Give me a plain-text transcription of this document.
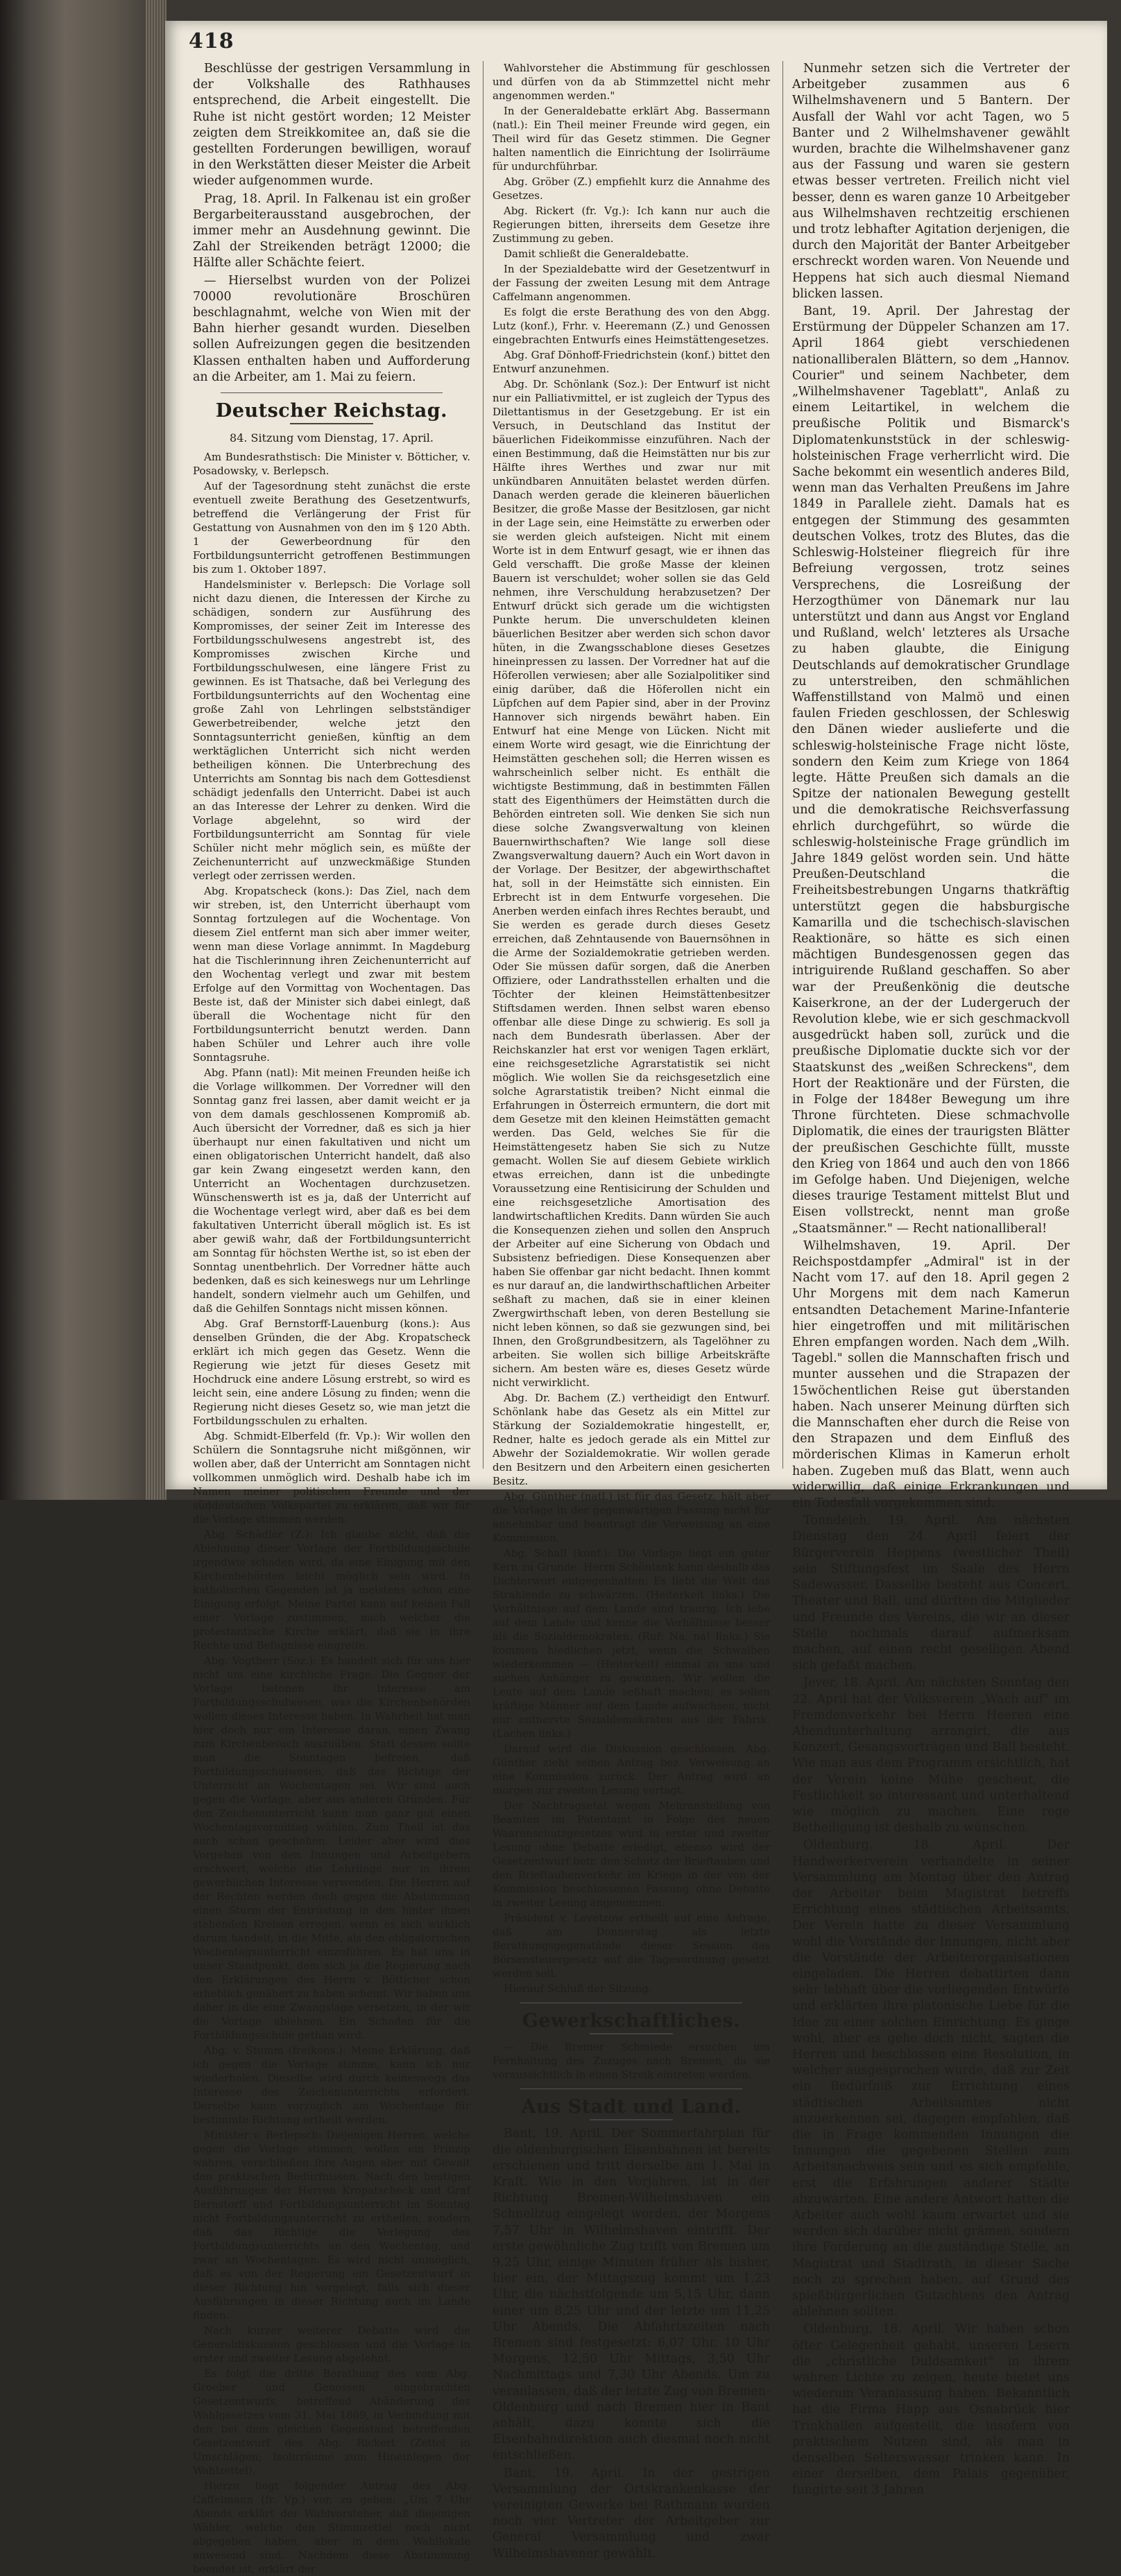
418

Beschlüsse der gestrigen Versammlung in der Volkshalle des Rathhauses entsprechend, die Arbeit eingestellt. Die Ruhe ist nicht gestört worden; 12 Meister zeigten dem Streikkomitee an, daß sie die gestellten Forderungen bewilligen, worauf in den Werkstätten dieser Meister die Arbeit wieder aufgenommen wurde.

Prag, 18. April. In Falkenau ist ein großer Bergarbeiterausstand ausgebrochen, der immer mehr an Ausdehnung gewinnt. Die Zahl der Streikenden beträgt 12000; die Hälfte aller Schächte feiert.

— Hierselbst wurden von der Polizei 70000 revolutionäre Broschüren beschlagnahmt, welche von Wien mit der Bahn hierher gesandt wurden. Dieselben sollen Aufreizungen gegen die besitzenden Klassen enthalten haben und Aufforderung an die Arbeiter, am 1. Mai zu feiern.

Deutscher Reichstag.
84. Sitzung vom Dienstag, 17. April.

Am Bundesrathstisch: Die Minister v. Bötticher, v. Posadowsky, v. Berlepsch.

Auf der Tagesordnung steht zunächst die erste eventuell zweite Berathung des Gesetzentwurfs, betreffend die Verlängerung der Frist für Gestattung von Ausnahmen von den im § 120 Abth. 1 der Gewerbeordnung für den Fortbildungsunterricht getroffenen Bestimmungen bis zum 1. Oktober 1897.

Handelsminister v. Berlepsch: Die Vorlage soll nicht dazu dienen, die Interessen der Kirche zu schädigen, sondern zur Ausführung des Kompromisses, der seiner Zeit im Interesse des Fortbildungsschulwesens angestrebt ist, des Kompromisses zwischen Kirche und Fortbildungsschulwesen, eine längere Frist zu gewinnen. Es ist Thatsache, daß bei Verlegung des Fortbildungsunterrichts auf den Wochentag eine große Zahl von Lehrlingen selbstständiger Gewerbetreibender, welche jetzt den Sonntagsunterricht genießen, künftig an dem werktäglichen Unterricht sich nicht werden betheiligen können. Die Unterbrechung des Unterrichts am Sonntag bis nach dem Gottesdienst schädigt jedenfalls den Unterricht. Dabei ist auch an das Interesse der Lehrer zu denken. Wird die Vorlage abgelehnt, so wird der Fortbildungsunterricht am Sonntag für viele Schüler nicht mehr möglich sein, es müßte der Zeichenunterricht auf unzweckmäßige Stunden verlegt oder zerrissen werden.

Abg. Kropatscheck (kons.): Das Ziel, nach dem wir streben, ist, den Unterricht überhaupt vom Sonntag fortzulegen auf die Wochentage. Von diesem Ziel entfernt man sich aber immer weiter, wenn man diese Vorlage annimmt. In Magdeburg hat die Tischlerinnung ihren Zeichenunterricht auf den Wochentag verlegt und zwar mit bestem Erfolge auf den Vormittag von Wochentagen. Das Beste ist, daß der Minister sich dabei einlegt, daß überall die Wochentage nicht für den Fortbildungsunterricht benutzt werden. Dann haben Schüler und Lehrer auch ihre volle Sonntagsruhe.

Abg. Pfann (natl): Mit meinen Freunden heiße ich die Vorlage willkommen. Der Vorredner will den Sonntag ganz frei lassen, aber damit weicht er ja von dem damals geschlossenen Kompromiß ab. Auch übersicht der Vorredner, daß es sich ja hier überhaupt nur einen fakultativen und nicht um einen obligatorischen Unterricht handelt, daß also gar kein Zwang eingesetzt werden kann, den Unterricht an Wochentagen durchzusetzen. Wünschenswerth ist es ja, daß der Unterricht auf die Wochentage verlegt wird, aber daß es bei dem fakultativen Unterricht überall möglich ist. Es ist aber gewiß wahr, daß der Fortbildungsunterricht am Sonntag für höchsten Werthe ist, so ist eben der Sonntag unentbehrlich. Der Vorredner hätte auch bedenken, daß es sich keineswegs nur um Lehrlinge handelt, sondern vielmehr auch um Gehilfen, und daß die Gehilfen Sonntags nicht missen können.

Abg. Graf Bernstorff-Lauenburg (kons.): Aus denselben Gründen, die der Abg. Kropatscheck erklärt ich mich gegen das Gesetz. Wenn die Regierung wie jetzt für dieses Gesetz mit Hochdruck eine andere Lösung erstrebt, so wird es leicht sein, eine andere Lösung zu finden; wenn die Regierung nicht dieses Gesetz so, wie man jetzt die Fortbildungsschulen zu erhalten.

Abg. Schmidt-Elberfeld (fr. Vp.): Wir wollen den Schülern die Sonntagsruhe nicht mißgönnen, wir wollen aber, daß der Unterricht am Sonntagen nicht vollkommen unmöglich wird. Deshalb habe ich im Namen meiner politischen Freunde und der süddeutschen Volkspartei zu erklären, daß wir für die Vorlage stimmen werden.

Abg. Schädler (Z.): Ich glaube nicht, daß die Ablehnung dieser Vorlage der Fortbildungsschule irgendwie schaden wird, da eine Einigung mit den Kirchenbehörden leicht möglich sein wird. In katholischen Gegenden ist ja meistens schon eine Einigung erfolgt. Meine Partei kann auf keinen Fall einer Vorlage zustimmen, nach welcher die protestantische Kirche erklärt, daß sie in ihre Rechte und Befugnisse eingreife.

Abg. Vogtherr (Soz.): Es handelt sich für uns hier nicht um eine kirchliche Frage. Die Gegner der Vorlage betonen ihr Interesse am Fortbildungsschulwesen, was die Kirchenbehörden wollen dieses Interesse haben. In Wahrheit hat man hier doch nur ein Interesse daran, einen Zwang zum Kirchenbesuch auszuüben. Statt dessen sollte man die Sonntagen befreien, daß Fortbildungsschulwesen, daß das Richtige der Unterricht an Wochentagen sei. Wir sind auch gegen die Vorlage, aber aus anderen Gründen. Für den Zeichenunterricht kann man ganz gut einen Wochentagsvormittag wählen. Zum Theil ist das auch schon geschehen. Leider aber wird dies Vorgehen von den Innungen und Arbeitgebern erschwert, welche die Lehrlinge nur in ihrem gewerblichen Interesse verwenden. Die Herren auf der Rechten werden doch gegen die Abstimmung einen Sturm der Entrüstung in den hinter ihnen stehenden Kreisen erregen, wenn es sich wirklich darum handelt, in die Mitte, als den obligatorischen Wochentagsunterricht einzuführen. Es hat uns in unser Standpunkt, dem sich ja die Regierung nach den Erklärungen des Herrn v. Bötticher schon erheblich genähert zu haben scheint. Wir haben uns daher in die eine Zwangslage versetzen, in der wir die Vorlage ablehnen. Ein Schaden für die Fortbildungsschule gethan wird.

Abg. v. Stumm (freikons.): Meine Erklärung, daß ich gegen die Vorlage stimme, kann ich nur wiederholen. Dieselbe wird durch keineswegs das Interesse des Zeichenunterrichts erfordert. Derselbe kann vorzüglich am Wochentage für bestimmte Richtung ertheilt werden.

Minister v. Berlepsch: Diejenigen Herren, welche gegen die Vorlage stimmen, wollen ein Prinzip wahren, verschließen ihre Augen aber mit Gewalt den praktischen Bedürfnissen. Nach den heutigen Ausführungen der Herren Kropatscheck und Graf Bernstorff und Fortbildungsunterricht im Sonntag nicht Fortbildungsunterricht zu ertheilen, sondern daß das Richtige die Verlegung des Fortbildungsunterrichts an den Wochentag, und zwar an Wochentagen. Es wird nicht unmöglich, daß es von der Regierung ein Gesetzentwurf in dieser Richtung hin vorgelegt, falls sich dieser Ausführungen in dieser Richtung auch im Lande finden.

Nach kurzer weiterer Debatte wird die Generaldiskussion geschlossen und die Vorlage in erster und zweiter Lesung abgelehnt.

Es folgt die dritte Berathung des vom Abg. Groeber und Genossen eingebrachten Gesetzentwurfs, betreffend Abänderung des Wahlgesetzes vom 31. Mai 1869, in Verbindung mit den bei dem gleichen Gegenstand betreffenden Gesetzentwurf des Abg. Rickert (Zettel in Umschlägen; Isolirräume zum Hineinlegen der Wahlzettel).

Hierzu liegt folgender Antrag des Abg. Caffelmann (fr. Vp.) vor, zu geben: „Um 7 Uhr Abends erklärt der Wahlvorsteher, daß diejenigen Wähler, welche den Stimmzettel noch nicht abgegeben haben, aber in dem Wahllokale anwesend sind. Nachdem diese Abstimmung beendet ist, erklärt der

Wahlvorsteher die Abstimmung für geschlossen und dürfen von da ab Stimmzettel nicht mehr angenommen werden."

In der Generaldebatte erklärt Abg. Bassermann (natl.): Ein Theil meiner Freunde wird gegen, ein Theil wird für das Gesetz stimmen. Die Gegner halten namentlich die Einrichtung der Isolirräume für undurchführbar.

Abg. Gröber (Z.) empfiehlt kurz die Annahme des Gesetzes.

Abg. Rickert (fr. Vg.): Ich kann nur auch die Regierungen bitten, ihrerseits dem Gesetze ihre Zustimmung zu geben.

Damit schließt die Generaldebatte.

In der Spezialdebatte wird der Gesetzentwurf in der Fassung der zweiten Lesung mit dem Antrage Caffelmann angenommen.

Es folgt die erste Berathung des von den Abgg. Lutz (konf.), Frhr. v. Heeremann (Z.) und Genossen eingebrachten Entwurfs eines Heimstättengesetzes.

Abg. Graf Dönhoff-Friedrichstein (konf.) bittet den Entwurf anzunehmen.

Abg. Dr. Schönlank (Soz.): Der Entwurf ist nicht nur ein Palliativmittel, er ist zugleich der Typus des Dilettantismus in der Gesetzgebung. Er ist ein Versuch, in Deutschland das Institut der bäuerlichen Fideikommisse einzuführen. Nach der einen Bestimmung, daß die Heimstätten nur bis zur Hälfte ihres Werthes und zwar nur mit unkündbaren Annuitäten belastet werden dürfen. Danach werden gerade die kleineren bäuerlichen Besitzer, die große Masse der Besitzlosen, gar nicht in der Lage sein, eine Heimstätte zu erwerben oder sie werden gleich aufsteigen. Nicht mit einem Worte ist in dem Entwurf gesagt, wie er ihnen das Geld verschafft. Die große Masse der kleinen Bauern ist verschuldet; woher sollen sie das Geld nehmen, ihre Verschuldung herabzusetzen? Der Entwurf drückt sich gerade um die wichtigsten Punkte herum. Die unverschuldeten kleinen bäuerlichen Besitzer aber werden sich schon davor hüten, in die Zwangsschablone dieses Gesetzes hineinpressen zu lassen. Der Vorredner hat auf die Höferollen verwiesen; aber alle Sozialpolitiker sind einig darüber, daß die Höferollen nicht ein Lüpfchen auf dem Papier sind, aber in der Provinz Hannover sich nirgends bewährt haben. Ein Entwurf hat eine Menge von Lücken. Nicht mit einem Worte wird gesagt, wie die Einrichtung der Heimstätten geschehen soll; die Herren wissen es wahrscheinlich selber nicht. Es enthält die wichtigste Bestimmung, daß in bestimmten Fällen statt des Eigenthümers der Heimstätten durch die Behörden eintreten soll. Wie denken Sie sich nun diese solche Zwangsverwaltung von kleinen Bauernwirthschaften? Wie lange soll diese Zwangsverwaltung dauern? Auch ein Wort davon in der Vorlage. Der Besitzer, der abgewirthschaftet hat, soll in der Heimstätte sich einnisten. Ein Erbrecht ist in dem Entwurfe vorgesehen. Die Anerben werden einfach ihres Rechtes beraubt, und Sie werden es gerade durch dieses Gesetz erreichen, daß Zehntausende von Bauernsöhnen in die Arme der Sozialdemokratie getrieben werden. Oder Sie müssen dafür sorgen, daß die Anerben Offiziere, oder Landrathsstellen erhalten und die Töchter der kleinen Heimstättenbesitzer Stiftsdamen werden. Ihnen selbst waren ebenso offenbar alle diese Dinge zu schwierig. Es soll ja nach dem Bundesrath überlassen. Aber der Reichskanzler hat erst vor wenigen Tagen erklärt, eine reichsgesetzliche Agrarstatistik sei nicht möglich. Wie wollen Sie da reichsgesetzlich eine solche Agrarstatistik treiben? Nicht einmal die Erfahrungen in Österreich ermuntern, die dort mit dem Gesetze mit den kleinen Heimstätten gemacht werden. Das Geld, welches Sie für die Heimstättengesetz haben Sie sich zu Nutze gemacht. Wollen Sie auf diesem Gebiete wirklich etwas erreichen, dann ist die unbedingte Voraussetzung eine Rentisicirung der Schulden und eine reichsgesetzliche Amortisation des landwirtschaftlichen Kredits. Dann würden Sie auch die Konsequenzen ziehen und sollen den Anspruch der Arbeiter auf eine Sicherung von Obdach und Subsistenz befriedigen. Diese Konsequenzen aber haben Sie offenbar gar nicht bedacht. Ihnen kommt es nur darauf an, die landwirthschaftlichen Arbeiter seßhaft zu machen, daß sie in einer kleinen Zwergwirthschaft leben, von deren Bestellung sie nicht leben können, so daß sie gezwungen sind, bei Ihnen, den Großgrundbesitzern, als Tagelöhner zu arbeiten. Sie wollen sich billige Arbeitskräfte sichern. Am besten wäre es, dieses Gesetz würde nicht verwirklicht.

Abg. Dr. Bachem (Z.) vertheidigt den Entwurf. Schönlank habe das Gesetz als ein Mittel zur Stärkung der Sozialdemokratie hingestellt, er, Redner, halte es jedoch gerade als ein Mittel zur Abwehr der Sozialdemokratie. Wir wollen gerade den Besitzern und den Arbeitern einen gesicherten Besitz.

Abg. Günther (natl.) ist für das Gesetz, hält aber die Vorlage in der gegenwärtigen Fassung nicht für annehmbar und beantragt die Verweisung an eine Kommission.

Abg. Schall (konf.): Die Vorlage liegt ein guter Kern zu Grunde. Herrn Schönlank kann deshalb das Dichterwort entgegenhalten: Es liebt die Welt das Strahlende zu schwärzen. (Heiterkeit links.) Die Verhältnisse auf dem Lande sind traurig. Ich lebe auf dem Lande und kenne die Verhältnisse besser als die Sozialdemokraten. (Ruf: Na, na! links.) Sie kommen hiedlichen jetzt, wenn die Schwalben wiederkommen — (Heiterkeit) einmal zu uns und suchen Anhänger zu gewinnen. Wir wollen die Leute auf dem Lande seßhaft machen; es sollen kräftige Männer auf dem Lande aufwachsen, nicht nur entnervte Sozialdemokraten aus der Fabrik. (Lachen links.)

Darauf wird die Diskussion geschlossen. Abg. Günther zieht seinen Antrag bez. Verweisung an eine Kommission zurück. Der Antrag wird an morgen zur zweiten Lesung vertagt.

Der Nachtragsetat wegen Mehranstellung von Beamten im Patentamt in Folge des neuen Waarenschutzgesetzes wird in erster und zweiter Lesung ohne Debatte erledigt, ebenso wird der Gesetzentwurf betr. den Schutz der Brieftauben und den Brieftaubenverkehr im Kriege in der von der Kommission beschlossenen Fassung ohne Debatte in zweiter Lesung angenommen.

Präsident v. Levetzow ertheilt auf eine Anfrage, daß am Donnerstag als letzte Berathungsgegenstände dieser Session das Börsensteuergesetz auf die Tagesordnung gesetzt werden soll.

Hierauf Schluß der Sitzung.

Gewerkschaftliches.

— Die Bremer Schmiede ersuchen um Fernhaltung des Zuzuges nach Bremen, da sie voraussichtlich in einen Streik eintreten werden.

Aus Stadt und Land.

Bant, 19. April. Der Sommerfahrplan für die oldenburgischen Eisenbahnen ist bereits erschienen und tritt derselbe am 1. Mai in Kraft. Wie in den Vorjahren, ist in der Richtung Bremen-Wilhelmshaven ein Schnellzug eingelegt worden, der Morgens 7,57 Uhr in Wilhelmshaven eintrifft. Der erste gewöhnliche Zug trifft von Bremen um 9,25 Uhr, einige Minuten früher als bisher, hier ein, der Mittagszug kommt um 1,23 Uhr, die nächstfolgende um 5,15 Uhr, dann einer um 8,25 Uhr und der letzte um 11,25 Uhr Abends. Die Abfahrtszeiten nach Bremen sind festgesetzt: 6,07 Uhr, 10 Uhr Morgens, 12,50 Uhr Mittags, 3,50 Uhr Nachmittags und 7,30 Uhr Abends. Um zu veranlassen, daß der letzte Zug von Bremen-Oldenburg und nach Bremen hier in Bant anhält, dazu konnte sich die Eisenbahndirektion auch diesmal noch nicht entschließen.

Bant, 19. April. In der gestrigen Versammlung der Ortskrankenkasse der vereinigten Gewerke bei Rathmann wurden noch vier Vertreter der Arbeitgeber zur General Versammlung und zwar Wilhelmshavener gewählt.

Nunmehr setzen sich die Vertreter der Arbeitgeber zusammen aus 6 Wilhelmshavenern und 5 Bantern. Der Ausfall der Wahl vor acht Tagen, wo 5 Banter und 2 Wilhelmshavener gewählt wurden, brachte die Wilhelmshavener ganz aus der Fassung und waren sie gestern etwas besser vertreten. Freilich nicht viel besser, denn es waren ganze 10 Arbeitgeber aus Wilhelmshaven rechtzeitig erschienen und trotz lebhafter Agitation derjenigen, die durch den Majorität der Banter Arbeitgeber erschreckt worden waren. Von Neuende und Heppens hat sich auch diesmal Niemand blicken lassen.

Bant, 19. April. Der Jahrestag der Erstürmung der Düppeler Schanzen am 17. April 1864 giebt verschiedenen nationalliberalen Blättern, so dem „Hannov. Courier" und seinem Nachbeter, dem „Wilhelmshavener Tageblatt", Anlaß zu einem Leitartikel, in welchem die preußische Politik und Bismarck's Diplomatenkunststück in der schleswig-holsteinischen Frage verherrlicht wird. Die Sache bekommt ein wesentlich anderes Bild, wenn man das Verhalten Preußens im Jahre 1849 in Parallele zieht. Damals hat es entgegen der Stimmung des gesammten deutschen Volkes, trotz des Blutes, das die Schleswig-Holsteiner fliegreich für ihre Befreiung vergossen, trotz seines Versprechens, die Losreißung der Herzogthümer von Dänemark nur lau unterstützt und dann aus Angst vor England und Rußland, welch' letzteres als Ursache zu haben glaubte, die Einigung Deutschlands auf demokratischer Grundlage zu unterstreiben, den schmählichen Waffenstillstand von Malmö und einen faulen Frieden geschlossen, der Schleswig den Dänen wieder auslieferte und die schleswig-holsteinische Frage nicht löste, sondern den Keim zum Kriege von 1864 legte. Hätte Preußen sich damals an die Spitze der nationalen Bewegung gestellt und die demokratische Reichsverfassung ehrlich durchgeführt, so würde die schleswig-holsteinische Frage gründlich im Jahre 1849 gelöst worden sein. Und hätte Preußen-Deutschland die Freiheitsbestrebungen Ungarns thatkräftig unterstützt gegen die habsburgische Kamarilla und die tschechisch-slavischen Reaktionäre, so hätte es sich einen mächtigen Bundesgenossen gegen das intriguirende Rußland geschaffen. So aber war der Preußenkönig die deutsche Kaiserkrone, an der der Ludergeruch der Revolution klebe, wie er sich geschmackvoll ausgedrückt haben soll, zurück und die preußische Diplomatie duckte sich vor der Staatskunst des „weißen Schreckens", dem Hort der Reaktionäre und der Fürsten, die in Folge der 1848er Bewegung um ihre Throne fürchteten. Diese schmachvolle Diplomatik, die eines der traurigsten Blätter der preußischen Geschichte füllt, musste den Krieg von 1864 und auch den von 1866 im Gefolge haben. Und Diejenigen, welche dieses traurige Testament mittelst Blut und Eisen vollstreckt, nennt man große „Staatsmänner." — Recht nationalliberal!

Wilhelmshaven, 19. April. Der Reichspostdampfer „Admiral" ist in der Nacht vom 17. auf den 18. April gegen 2 Uhr Morgens mit dem nach Kamerun entsandten Detachement Marine-Infanterie hier eingetroffen und mit militärischen Ehren empfangen worden. Nach dem „Wilh. Tagebl." sollen die Mannschaften frisch und munter aussehen und die Strapazen der 15wöchentlichen Reise gut überstanden haben. Nach unserer Meinung dürften sich die Mannschaften eher durch die Reise von den Strapazen und dem Einfluß des mörderischen Klimas in Kamerun erholt haben. Zugeben muß das Blatt, wenn auch widerwillig, daß einige Erkrankungen und ein Todesfall vorgekommen sind.

Tonndeich, 19. April. Am nächsten Dienstag den 24. April feiert der Bürgerverein Heppens (westlicher Theil) sein Stiftungsfest im Saale des Herrn Sadewasser. Dasselbe besteht aus Concert, Theater und Ball, und dürften die Mitglieder und Freunde des Vereins, die wir an dieser Stelle nochmals darauf aufmerksam machen, auf einen recht geselligen Abend sich gefaßt machen.

Jever, 18. April. Am nächsten Sonntag den 22. April hat der Volksverein „Wach auf" im Fremdenverkehr bei Herrn Heeren eine Abendunterhaltung arrangirt, die aus Konzert, Gesangsvorträgen und Ball besteht. Wie man aus dem Programm ersichtlich, hat der Verein keine Mühe gescheut, die Festlichkeit so interessant und unterhaltend wie möglich zu machen. Eine rege Betheiligung ist deshalb zu wünschen.

Oldenburg, 18. April. Der Handwerkerverein verhandelte in seiner Versammlung am Montag über den Antrag der Arbeiter beim Magistrat betreffs Errichtung eines städtischen Arbeitsamts. Der Verein hatte zu dieser Versammlung wohl die Vorstände der Innungen, nicht aber die Vorstände der Arbeiterorganisationen eingeladen. Die Herren debattirten dann sehr lebhaft über die vorliegenden Entwürfe und erklärten ihre platonische Liebe für die Idee zu einer solchen Einrichtung. Es ginge wohl, aber es gehe doch nicht, sagten die Herren und beschlossen eine Resolution, in welcher ausgesprochen wurde, daß zur Zeit ein Bedürfniß zur Errichtung eines städtischen Arbeitsamtes nicht anzuerkennen sei, dagegen empfohlen, daß die in Frage kommenden Innungen die Innungen die gegebenen Stellen zum Arbeitsnachweis sein und es sich empfehle, erst die Erfahrungen anderer Städte abzuwarten. Eine andere Antwort hatten die Arbeiter auch wohl kaum erwartet und sie werden sich darüber nicht grämen, sondern ihre Forderung an die zuständige Stelle, an Magistrat und Stadtrath, in dieser Sache noch zu sprechen haben, auf Grund des spießbürgerlichen Gutachtens den Antrag ablehnen sollten.

Oldenburg, 18. April. Wir haben schon öfter Gelegenheit gehabt, unseren Lesern die „christliche Duldsamkeit" in ihrem wahren Lichte zu zeigen, heute bietet uns wiederum Veranlassung haben. Bekanntlich hat die Firma Happ aus Osnabrück hier Trinkhallen aufgestellt, die insofern von praktischem Nutzen sind, als man in denselben Selterswasser trinken kann. In einer derselben, dem Palais gegenüber, fungirte seit 3 Jahren
